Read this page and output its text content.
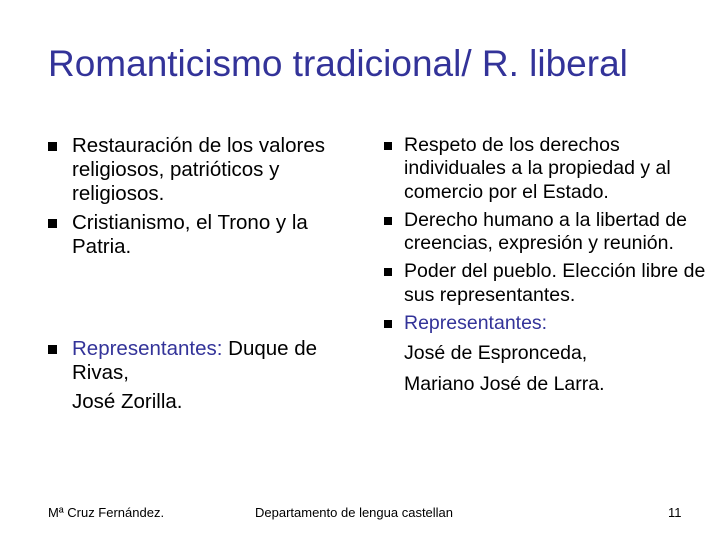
Romanticismo tradicional/ R. liberal
Restauración de los valores religiosos, patrióticos y religiosos.
Cristianismo, el Trono y la Patria.
Representantes: Duque de Rivas,
José Zorilla.
Respeto de los derechos individuales a la propiedad y al comercio por el Estado.
Derecho humano a la libertad de creencias, expresión y reunión.
Poder del pueblo. Elección libre de sus representantes.
Representantes:
José de Espronceda,
Mariano José de Larra.
Mª Cruz Fernández.	Departamento de lengua castellan	11
